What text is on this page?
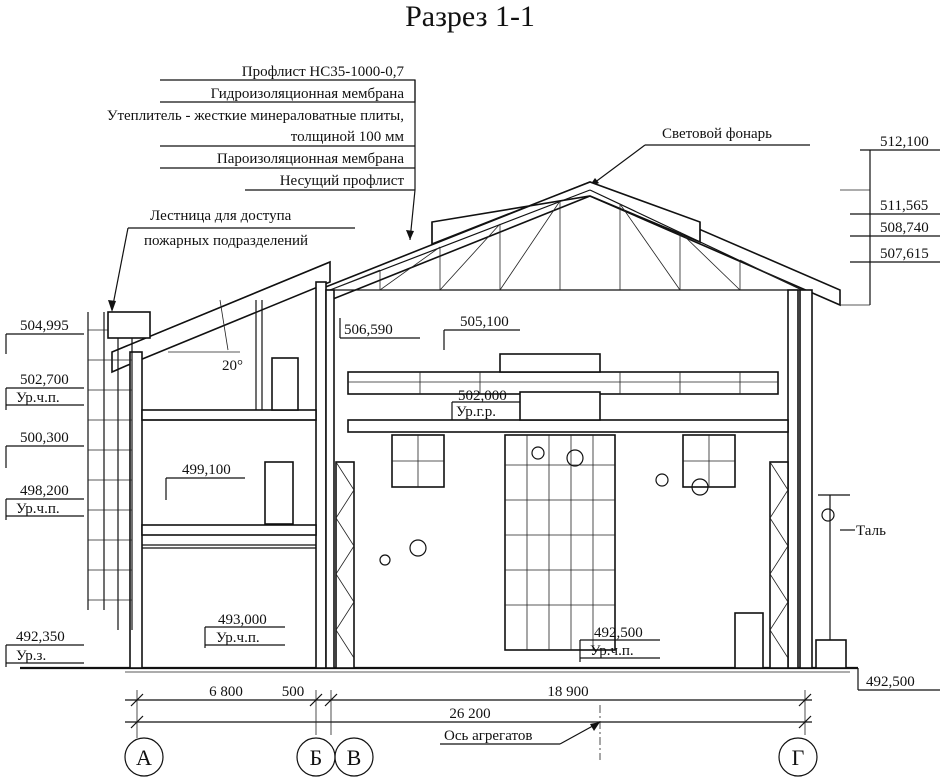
Разрез 1-1
Профлист НС35-1000-0,7
Гидроизоляционная мембрана
Утеплитель - жесткие минераловатные плиты,
толщиной 100 мм
Пароизоляционная мембрана
Несущий профлист
Световой фонарь
Лестница для доступа
пожарных подразделений
Таль
20°
512,100
511,565
508,740
507,615
492,500
506,590	505,100
502,000
Ур.г.р.
499,100
493,000
Ур.ч.п.	492,500
Ур.ч.п.
504,995
502,700
Ур.ч.п.
500,300
498,200
Ур.ч.п.
492,350
Ур.з.
6 800	500	18 900
26 200
Ось агрегатов
А	Б В	Г
